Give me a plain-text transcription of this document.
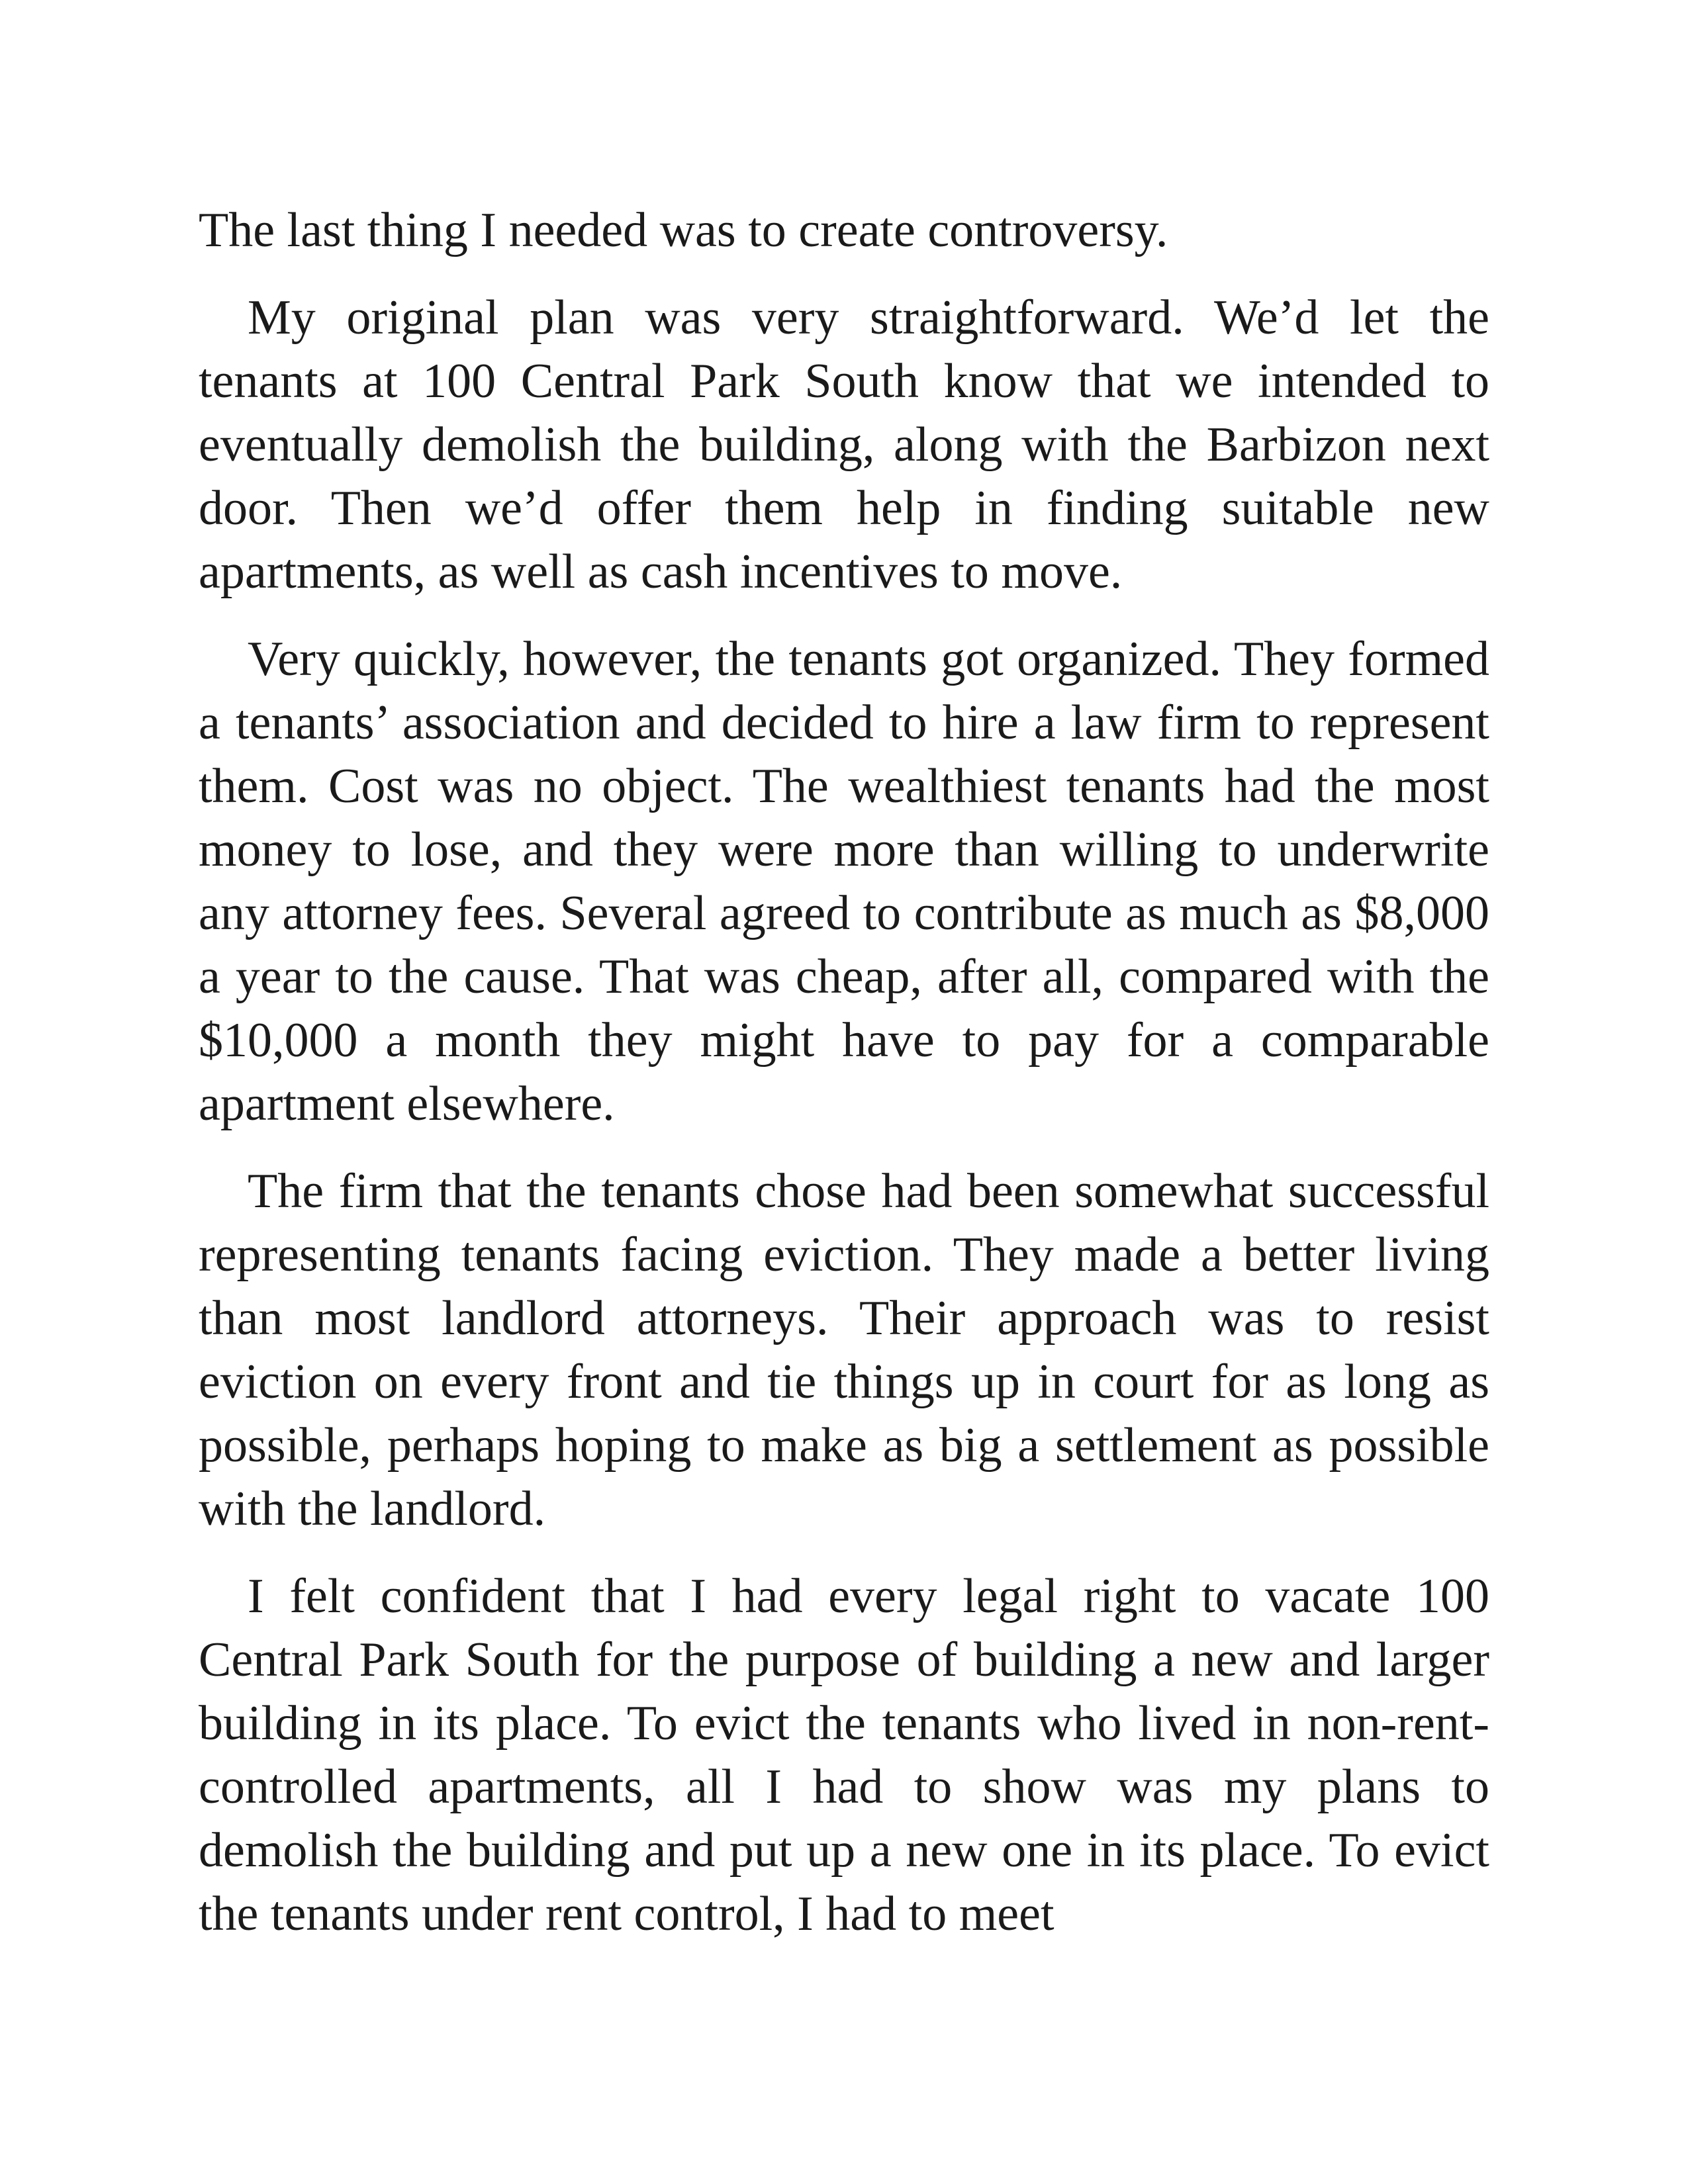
The last thing I needed was to create controversy.

My original plan was very straightforward. We’d let the tenants at 100 Central Park South know that we intended to eventually demolish the building, along with the Barbizon next door. Then we’d offer them help in finding suitable new apartments, as well as cash incentives to move.

Very quickly, however, the tenants got organized. They formed a tenants’ association and decided to hire a law firm to represent them. Cost was no object. The wealthiest tenants had the most money to lose, and they were more than willing to underwrite any attorney fees. Several agreed to contribute as much as $8,000 a year to the cause. That was cheap, after all, compared with the $10,000 a month they might have to pay for a comparable apartment elsewhere.

The firm that the tenants chose had been somewhat successful representing tenants facing eviction. They made a better living than most landlord attorneys. Their approach was to resist eviction on every front and tie things up in court for as long as possible, perhaps hoping to make as big a settlement as possible with the landlord.

I felt confident that I had every legal right to vacate 100 Central Park South for the purpose of building a new and larger building in its place. To evict the tenants who lived in non-rent-controlled apartments, all I had to show was my plans to demolish the building and put up a new one in its place. To evict the tenants under rent control, I had to meet
